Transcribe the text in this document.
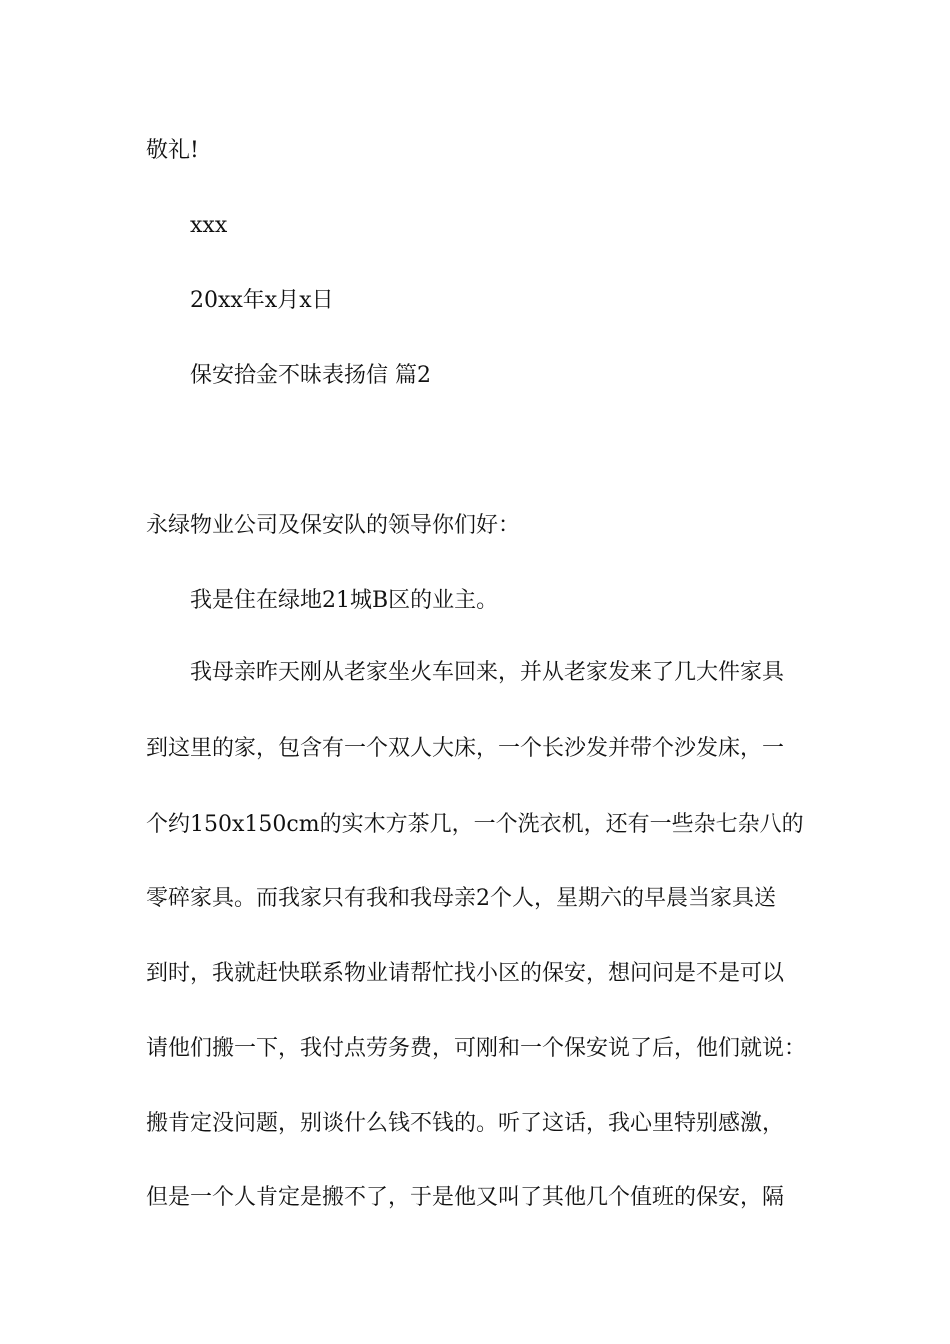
敬礼!
xxx
20xx年x月x日
保安拾金不昧表扬信 篇2
永绿物业公司及保安队的领导你们好：
我是住在绿地21城B区的业主。
我母亲昨天刚从老家坐火车回来，并从老家发来了几大件家具
到这里的家，包含有一个双人大床，一个长沙发并带个沙发床，一
个约150x150cm的实木方茶几，一个洗衣机，还有一些杂七杂八的
零碎家具。而我家只有我和我母亲2个人，星期六的早晨当家具送
到时，我就赶快联系物业请帮忙找小区的保安，想问问是不是可以
请他们搬一下，我付点劳务费，可刚和一个保安说了后，他们就说：
搬肯定没问题，别谈什么钱不钱的。听了这话，我心里特别感激，
但是一个人肯定是搬不了，于是他又叫了其他几个值班的保安，隔
